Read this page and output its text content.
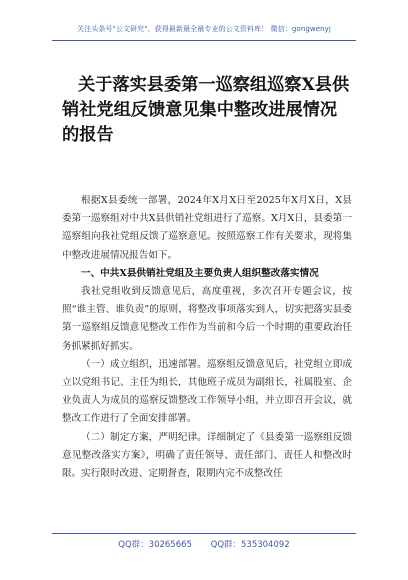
关注头条号"公文研究"，获得最新最全最专业的公文资料库！ 微信：gongwenyj
关于落实县委第一巡察组巡察X县供销社党组反馈意见集中整改进展情况的报告

根据X县委统一部署，2024年X月X日至2025年X月X日，X县委第一巡察组对中共X县供销社党组进行了巡察。X月X日，县委第一巡察组向我社党组反馈了巡察意见。按照巡察工作有关要求，现将集中整改进展情况报告如下。

一、中共X县供销社党组及主要负责人组织整改落实情况

我社党组收到反馈意见后，高度重视，多次召开专题会议，按照“谁主管、谁负责”的原则，将整改事项落实到人，切实把落实县委第一巡察组反馈意见整改工作作为当前和今后一个时期的重要政治任务抓紧抓好抓实。

（一）成立组织，迅速部署。巡察组反馈意见后，社党组立即成立以党组书记、主任为组长，其他班子成员为副组长，社属股室、企业负责人为成员的巡察反馈整改工作领导小组，并立即召开会议，就整改工作进行了全面安排部署。

（二）制定方案，严明纪律。详细制定了《县委第一巡察组反馈意见整改落实方案》，明确了责任领导、责任部门、责任人和整改时限。实行限时改进、定期督查，限期内完不成整改任

QQ群：30265665 QQ群：535304092
